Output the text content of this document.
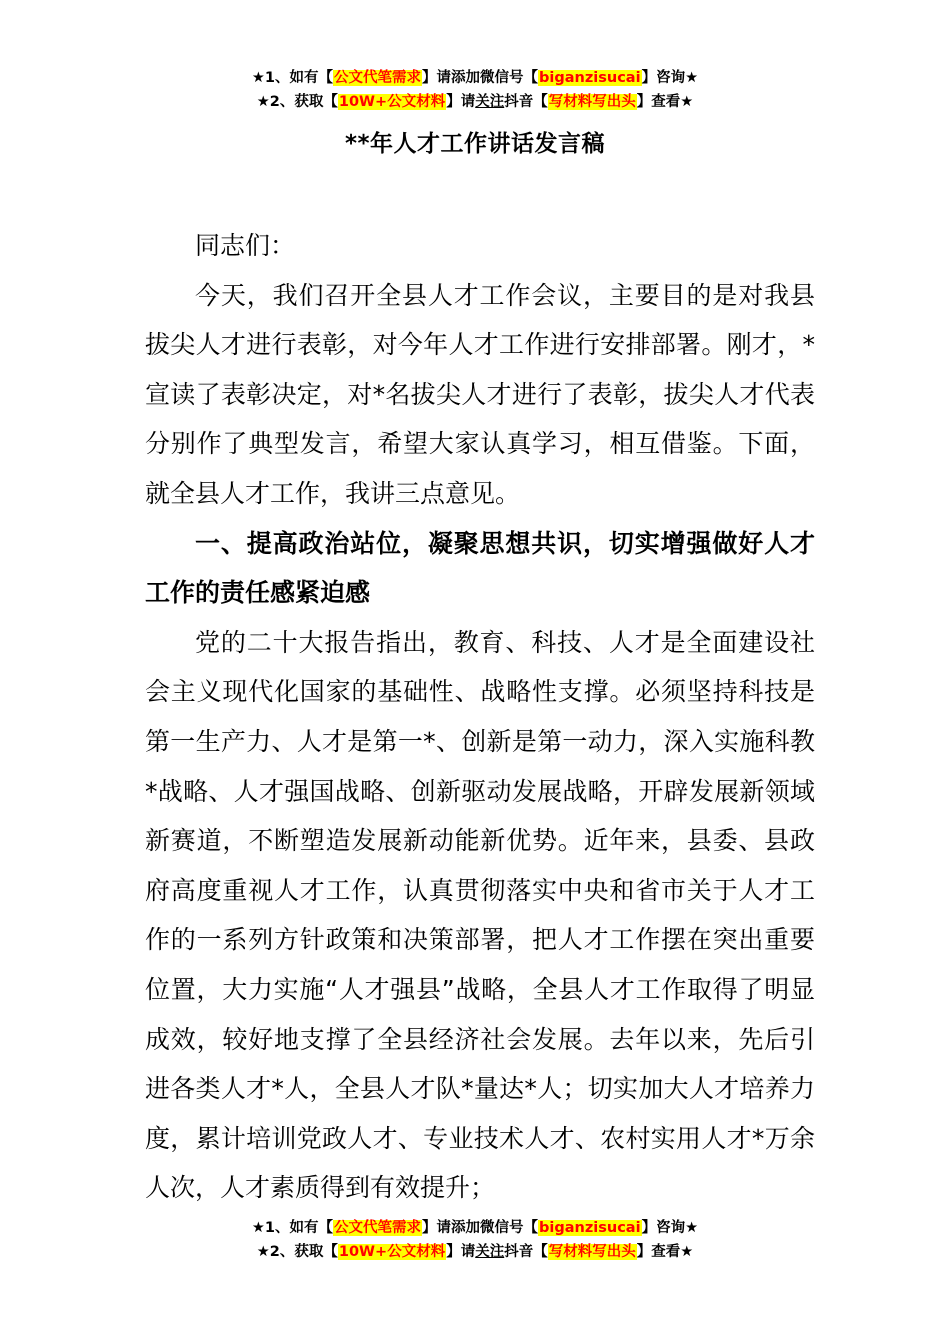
★1、如有【公文代笔需求】请添加微信号【biganzisucai】咨询★
★2、获取【10W+公文材料】请关注抖音【写材料写出头】查看★
**年人才工作讲话发言稿

同志们：

今天，我们召开全县人才工作会议，主要目的是对我县拔尖人才进行表彰，对今年人才工作进行安排部署。刚才，*宣读了表彰决定，对*名拔尖人才进行了表彰，拔尖人才代表分别作了典型发言，希望大家认真学习，相互借鉴。下面，就全县人才工作，我讲三点意见。

一、提高政治站位，凝聚思想共识，切实增强做好人才工作的责任感紧迫感

党的二十大报告指出，教育、科技、人才是全面建设社会主义现代化国家的基础性、战略性支撑。必须坚持科技是第一生产力、人才是第一*、创新是第一动力，深入实施科教*战略、人才强国战略、创新驱动发展战略，开辟发展新领域新赛道，不断塑造发展新动能新优势。近年来，县委、县政府高度重视人才工作，认真贯彻落实中央和省市关于人才工作的一系列方针政策和决策部署，把人才工作摆在突出重要位置，大力实施“人才强县”战略，全县人才工作取得了明显成效，较好地支撑了全县经济社会发展。去年以来，先后引进各类人才*人，全县人才队*量达*人；切实加大人才培养力度，累计培训党政人才、专业技术人才、农村实用人才*万余人次，人才素质得到有效提升；

★1、如有【公文代笔需求】请添加微信号【biganzisucai】咨询★
★2、获取【10W+公文材料】请关注抖音【写材料写出头】查看★
